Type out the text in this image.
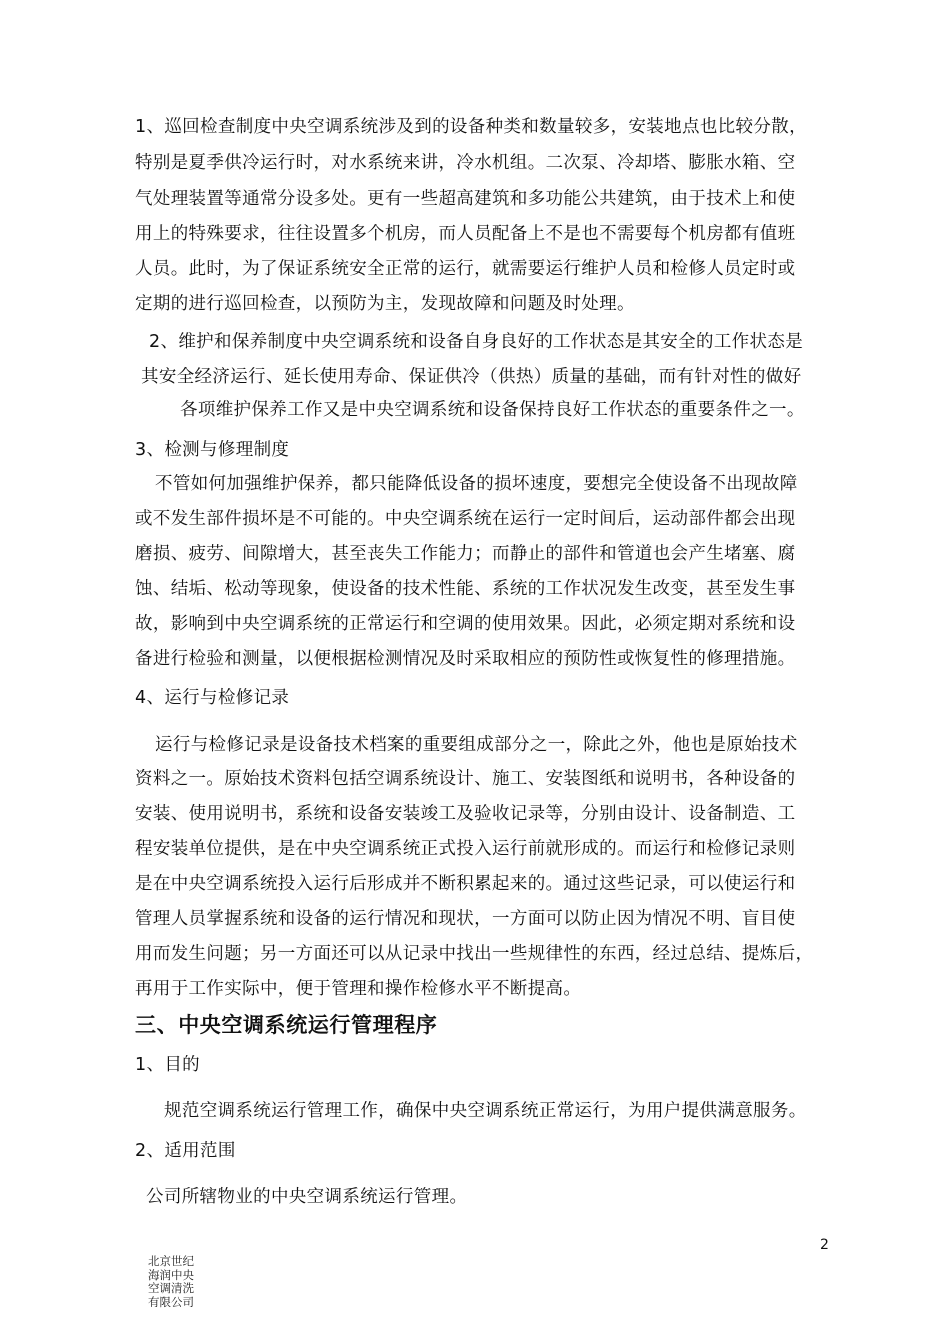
1、巡回检查制度中央空调系统涉及到的设备种类和数量较多，安装地点也比较分散，
特别是夏季供冷运行时，对水系统来讲，冷水机组。二次泵、冷却塔、膨胀水箱、空
气处理装置等通常分设多处。更有一些超高建筑和多功能公共建筑，由于技术上和使
用上的特殊要求，往往设置多个机房，而人员配备上不是也不需要每个机房都有值班
人员。此时，为了保证系统安全正常的运行，就需要运行维护人员和检修人员定时或
定期的进行巡回检查，以预防为主，发现故障和问题及时处理。
2、维护和保养制度中央空调系统和设备自身良好的工作状态是其安全的工作状态是
其安全经济运行、延长使用寿命、保证供冷（供热）质量的基础，而有针对性的做好
各项维护保养工作又是中央空调系统和设备保持良好工作状态的重要条件之一。
3、检测与修理制度
不管如何加强维护保养，都只能降低设备的损坏速度，要想完全使设备不出现故障
或不发生部件损坏是不可能的。中央空调系统在运行一定时间后，运动部件都会出现
磨损、疲劳、间隙增大，甚至丧失工作能力；而静止的部件和管道也会产生堵塞、腐
蚀、结垢、松动等现象，使设备的技术性能、系统的工作状况发生改变，甚至发生事
故，影响到中央空调系统的正常运行和空调的使用效果。因此，必须定期对系统和设
备进行检验和测量，以便根据检测情况及时采取相应的预防性或恢复性的修理措施。
4、运行与检修记录
运行与检修记录是设备技术档案的重要组成部分之一，除此之外，他也是原始技术
资料之一。原始技术资料包括空调系统设计、施工、安装图纸和说明书，各种设备的
安装、使用说明书，系统和设备安装竣工及验收记录等，分别由设计、设备制造、工
程安装单位提供，是在中央空调系统正式投入运行前就形成的。而运行和检修记录则
是在中央空调系统投入运行后形成并不断积累起来的。通过这些记录，可以使运行和
管理人员掌握系统和设备的运行情况和现状，一方面可以防止因为情况不明、盲目使
用而发生问题；另一方面还可以从记录中找出一些规律性的东西，经过总结、提炼后，
再用于工作实际中，便于管理和操作检修水平不断提高。
三、中央空调系统运行管理程序
1、目的
规范空调系统运行管理工作，确保中央空调系统正常运行，为用户提供满意服务。
2、适用范围
公司所辖物业的中央空调系统运行管理。
2
北京世纪海润中央空调清洗有限公司
